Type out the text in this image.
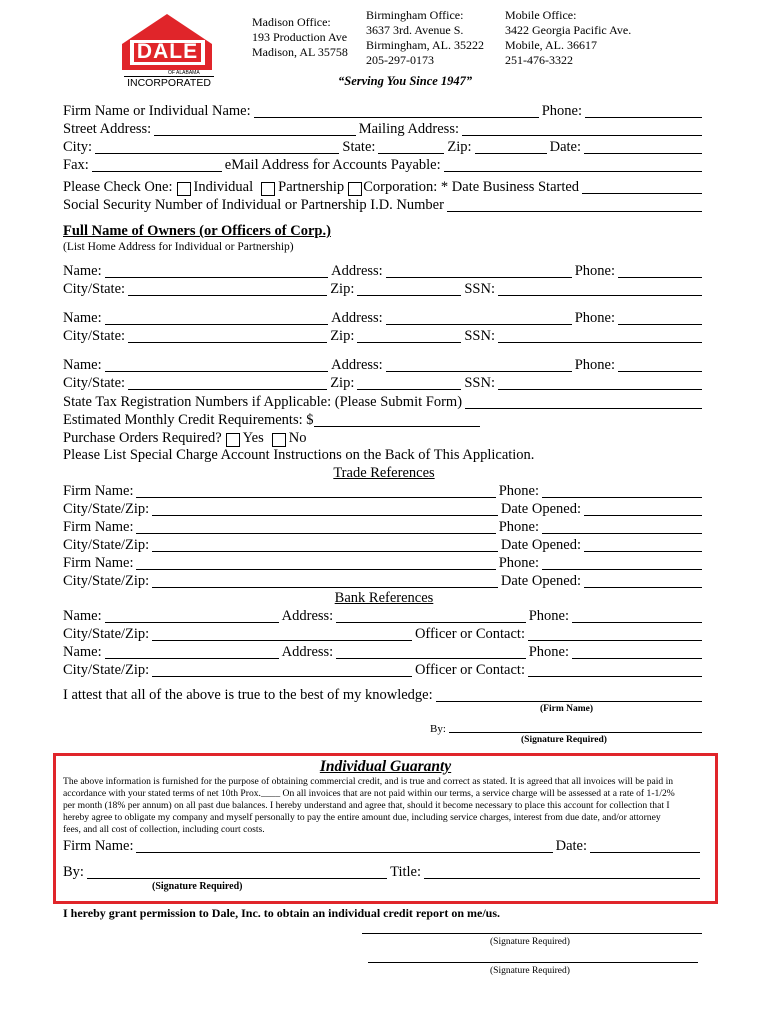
DALE
OF ALABAMA
INCORPORATED
Madison Office:
193 Production Ave
Madison, AL 35758
Birmingham Office:
3637 3rd. Avenue S.
Birmingham, AL. 35222
205-297-0173
Mobile Office:
3422 Georgia Pacific Ave.
Mobile, AL. 36617
251-476-3322
“Serving You Since 1947”
Firm Name or Individual Name:	Phone:
Street Address:	Mailing Address:
City:	State:	Zip:	Date:
Fax:	eMail Address for Accounts Payable:
Please Check One: Individual Partnership Corporation: * Date Business Started
Social Security Number of Individual or Partnership I.D. Number
Full Name of Owners (or Officers of Corp.)
(List Home Address for Individual or Partnership)
Name:	Address:	Phone:
City/State:	Zip:	SSN:
Name:	Address:	Phone:
City/State:	Zip:	SSN:
Name:	Address:	Phone:
City/State:	Zip:	SSN:
State Tax Registration Numbers if Applicable: (Please Submit Form)
Estimated Monthly Credit Requirements: $
Purchase Orders Required? Yes No
Please List Special Charge Account Instructions on the Back of This Application.
Trade References
Firm Name:	Phone:
City/State/Zip:	Date Opened:
Firm Name:	Phone:
City/State/Zip:	Date Opened:
Firm Name:	Phone:
City/State/Zip:	Date Opened:
Bank References
Name:	Address:	Phone:
City/State/Zip:	Officer or Contact:
Name:	Address:	Phone:
City/State/Zip:	Officer or Contact:
I attest that all of the above is true to the best of my knowledge:
(Firm Name)
By:
(Signature Required)
Individual Guaranty
The above information is furnished for the purpose of obtaining commercial credit, and is true and correct as stated. It is agreed that all invoices will be paid in
accordance with your stated terms of net 10th Prox.____ On all invoices that are not paid within our terms, a service charge will be assessed at a rate of 1-1/2%
per month (18% per annum) on all past due balances. I hereby understand and agree that, should it become necessary to place this account for collection that I
hereby agree to obligate my company and myself personally to pay the entire amount due, including service charges, interest from due date, and/or attorney
fees, and all cost of collection, including court costs.
Firm Name:	Date:
By:	Title:
(Signature Required)
I hereby grant permission to Dale, Inc. to obtain an individual credit report on me/us.
(Signature Required)
(Signature Required)
